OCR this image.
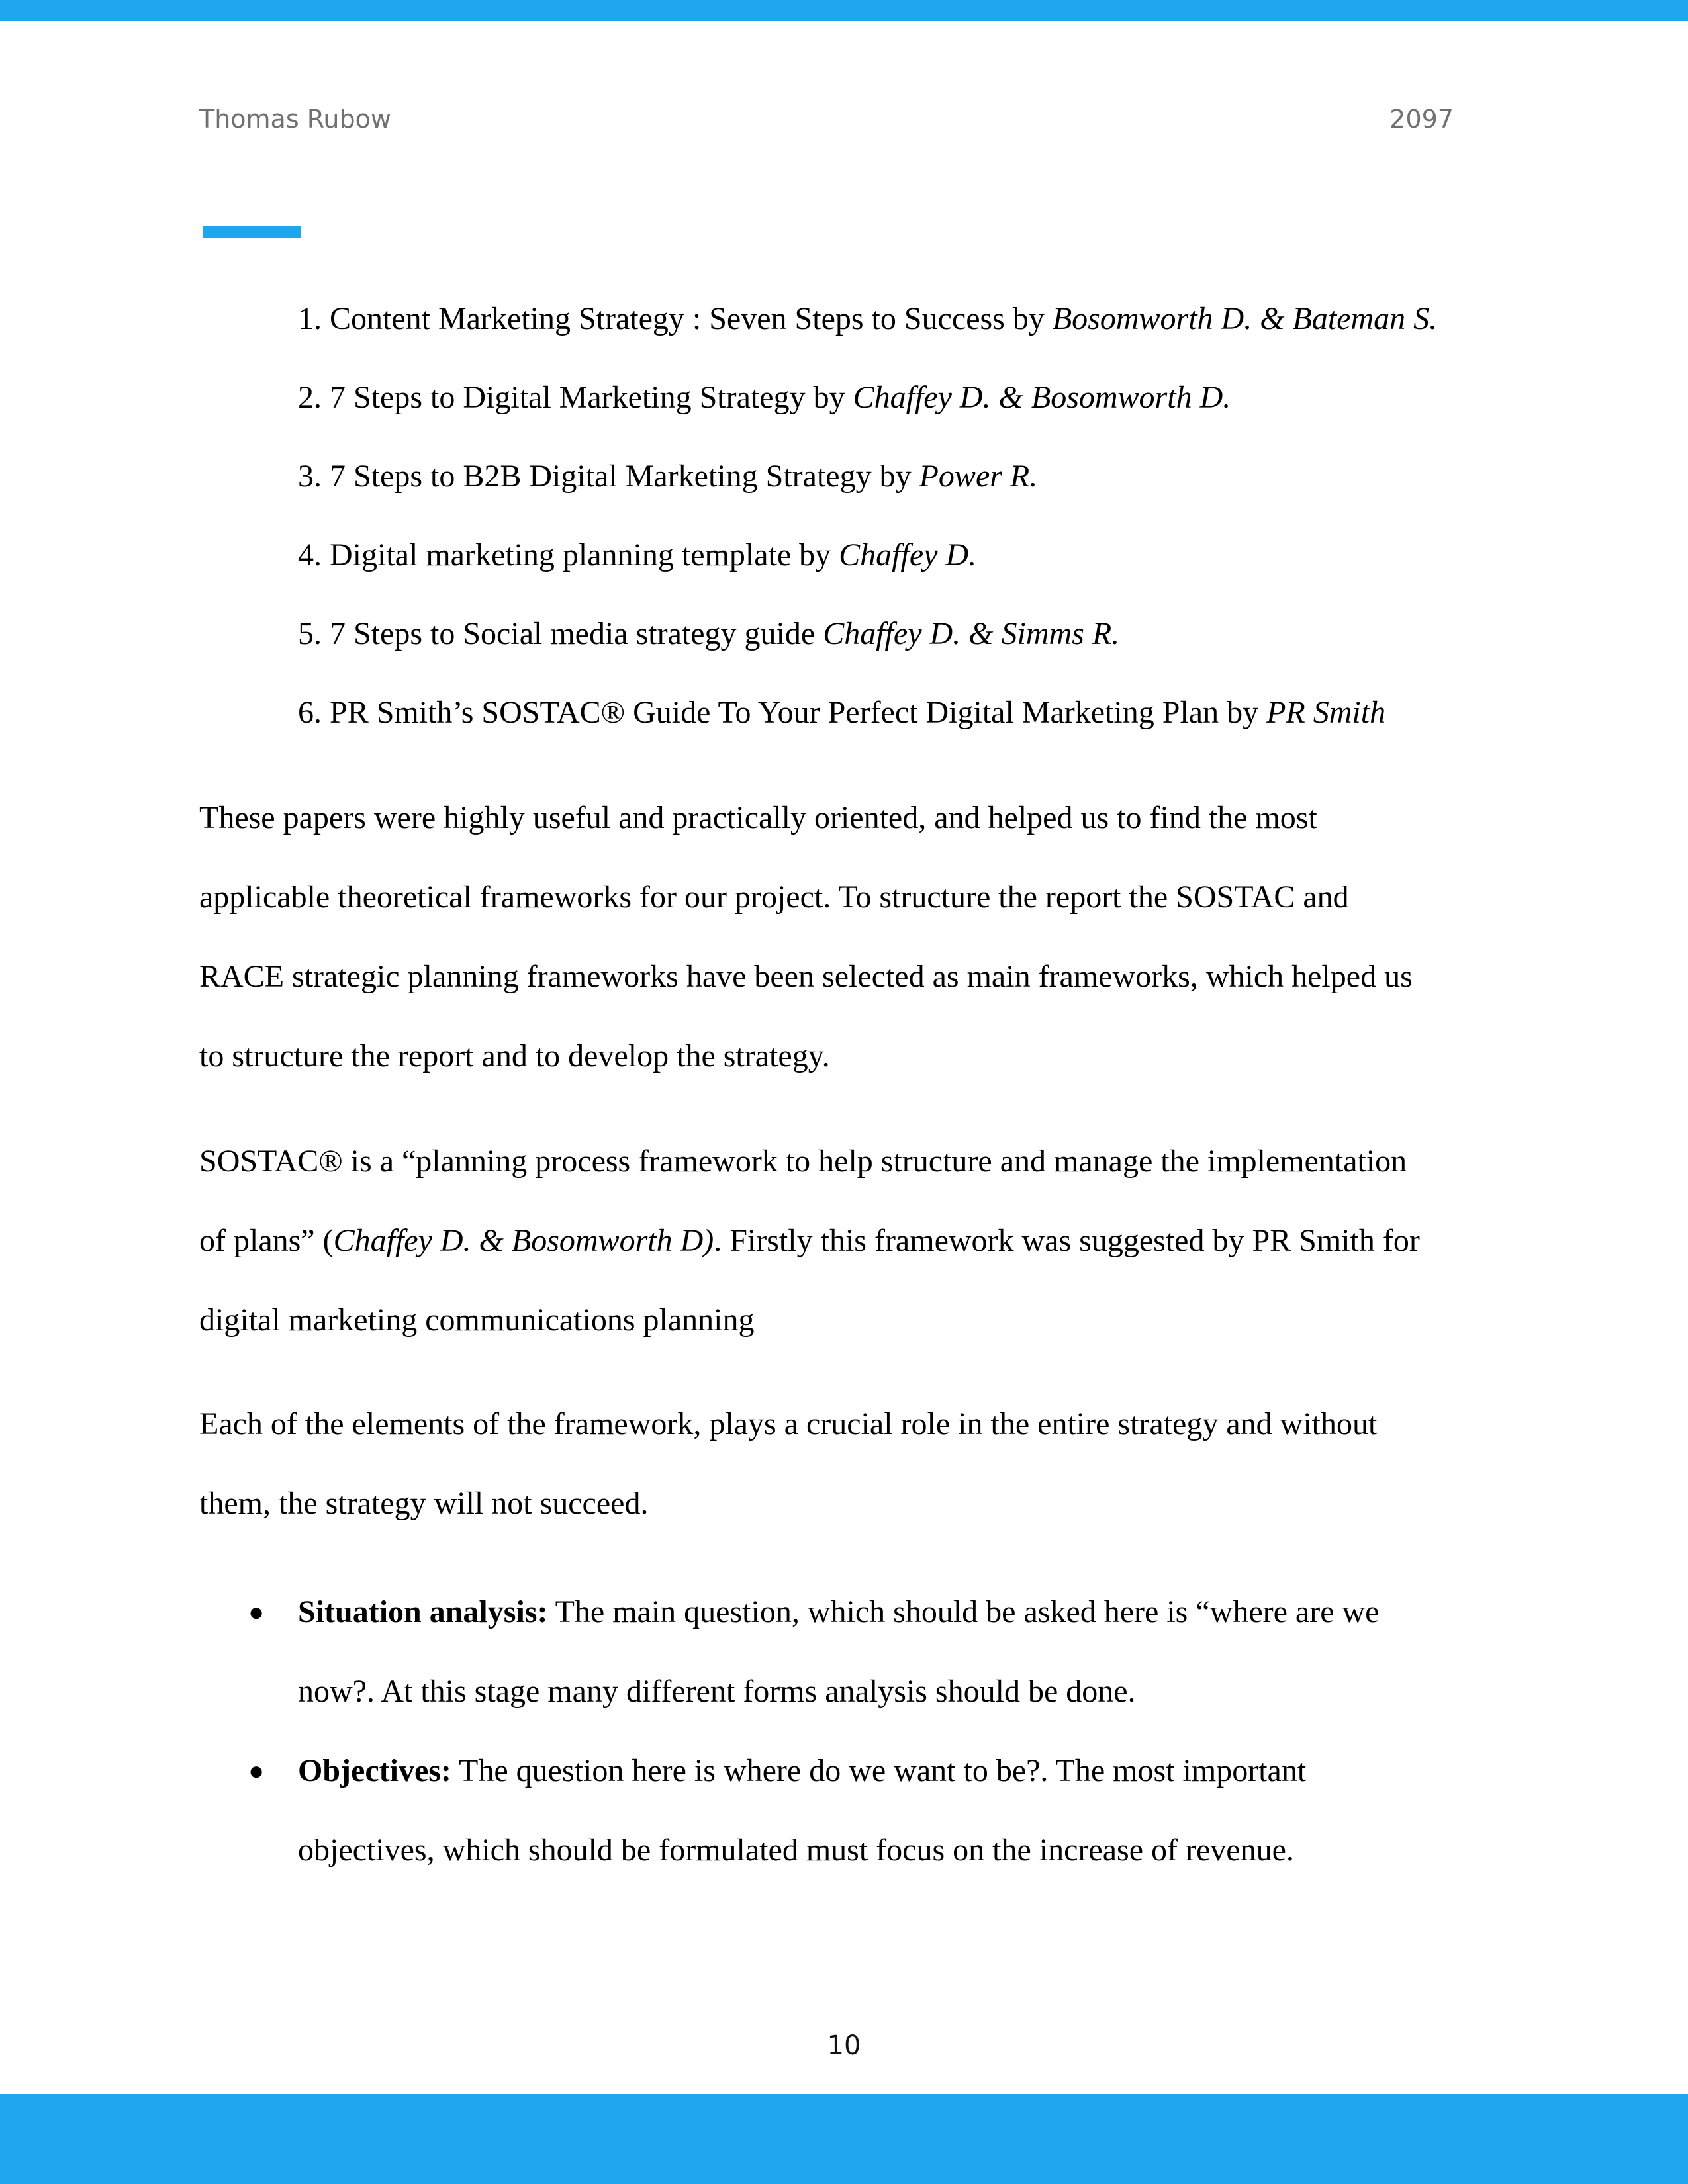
Thomas Rubow	2097
1. Content Marketing Strategy : Seven Steps to Success by Bosomworth D. & Bateman S.
2. 7 Steps to Digital Marketing Strategy by Chaffey D. & Bosomworth D.
3. 7 Steps to B2B Digital Marketing Strategy by Power R.
4. Digital marketing planning template by Chaffey D.
5. 7 Steps to Social media strategy guide Chaffey D. & Simms R.
6. PR Smith’s SOSTAC® Guide To Your Perfect Digital Marketing Plan by PR Smith
These papers were highly useful and practically oriented, and helped us to find the most
applicable theoretical frameworks for our project. To structure the report the SOSTAC and
RACE strategic planning frameworks have been selected as main frameworks, which helped us
to structure the report and to develop the strategy.
SOSTAC® is a “planning process framework to help structure and manage the implementation
of plans” (Chaffey D. & Bosomworth D). Firstly this framework was suggested by PR Smith for
digital marketing communications planning
Each of the elements of the framework, plays a crucial role in the entire strategy and without
them, the strategy will not succeed.
● Situation analysis: The main question, which should be asked here is “where are we
now?. At this stage many different forms analysis should be done.
● Objectives: The question here is where do we want to be?. The most important
objectives, which should be formulated must focus on the increase of revenue.
10
